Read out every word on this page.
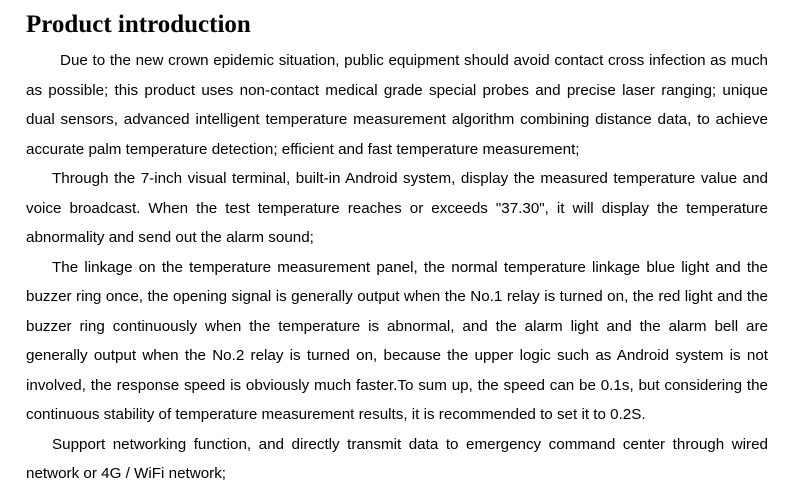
Product introduction

Due to the new crown epidemic situation, public equipment should avoid contact cross infection as much as possible; this product uses non-contact medical grade special probes and precise laser ranging; unique dual sensors, advanced intelligent temperature measurement algorithm combining distance data, to achieve accurate palm temperature detection; efficient and fast temperature measurement;

Through the 7-inch visual terminal, built-in Android system, display the measured temperature value and voice broadcast. When the test temperature reaches or exceeds "37.30", it will display the temperature abnormality and send out the alarm sound;

The linkage on the temperature measurement panel, the normal temperature linkage blue light and the buzzer ring once, the opening signal is generally output when the No.1 relay is turned on, the red light and the buzzer ring continuously when the temperature is abnormal, and the alarm light and the alarm bell are generally output when the No.2 relay is turned on, because the upper logic such as Android system is not involved, the response speed is obviously much faster.To sum up, the speed can be 0.1s, but considering the continuous stability of temperature measurement results, it is recommended to set it to 0.2S.

Support networking function, and directly transmit data to emergency command center through wired network or 4G / WiFi network;
